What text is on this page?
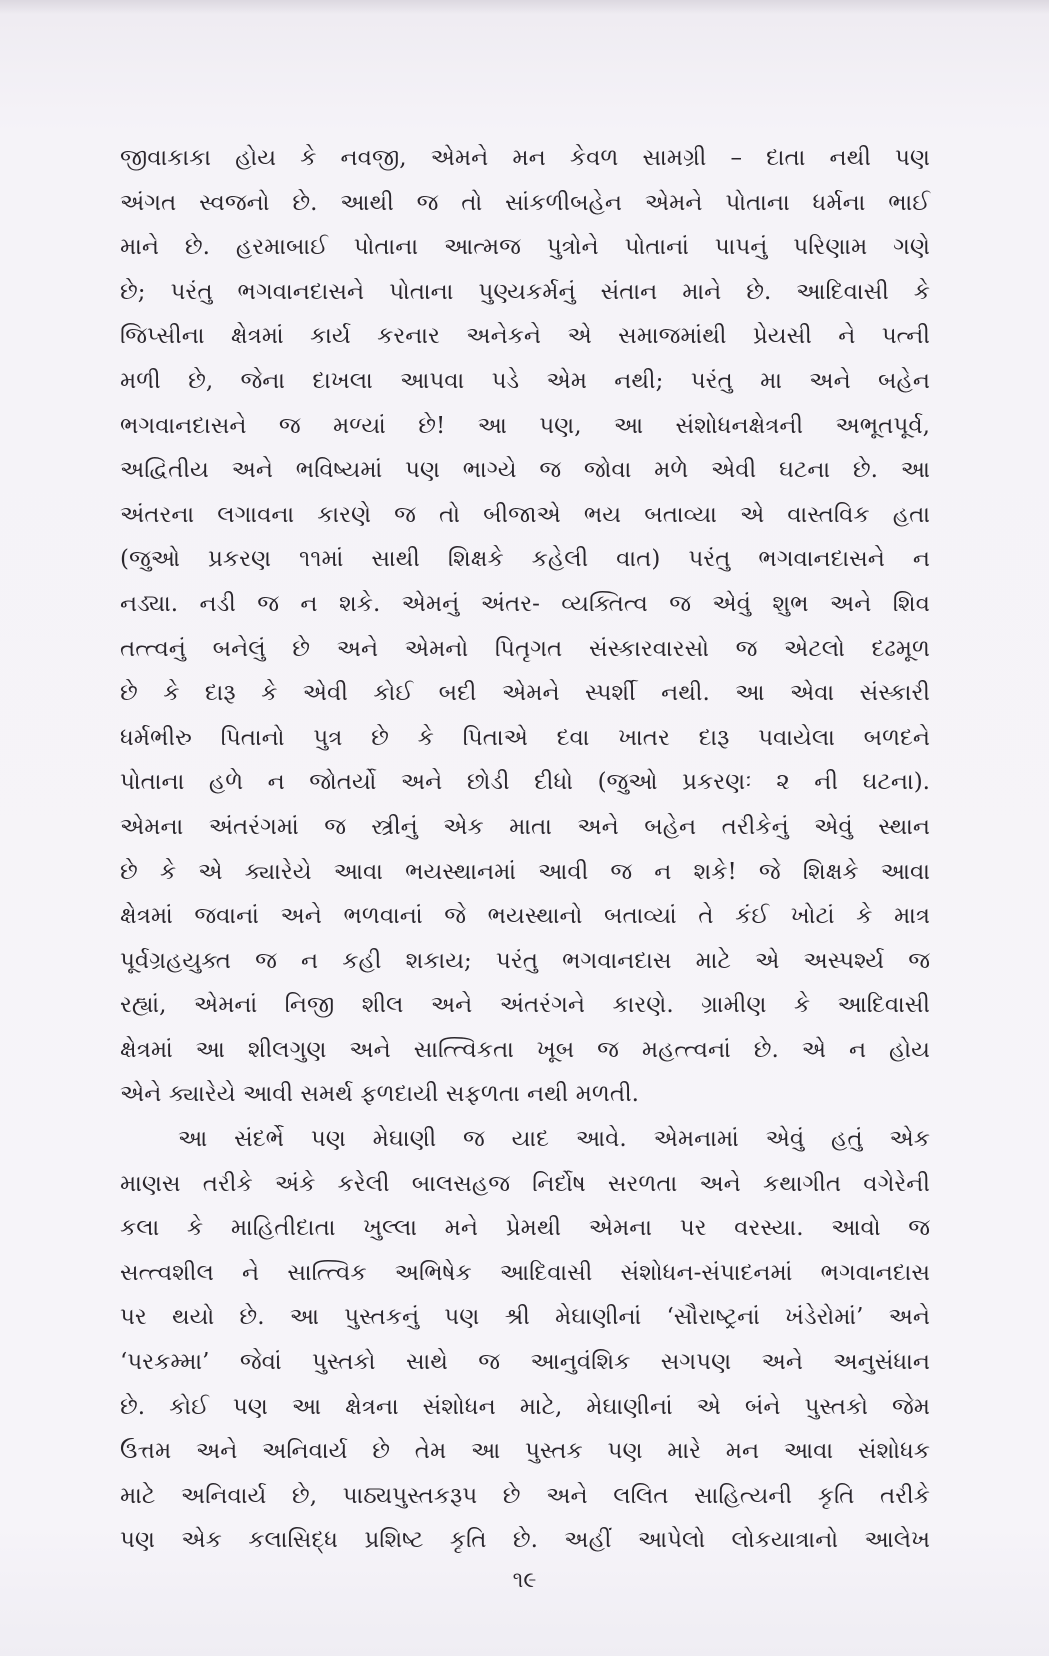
જીવાકાકા હોય કે નવજી, એમને મન કેવળ સામગ્રી – દાતા નથી પણ
અંગત સ્વજનો છે. આથી જ તો સાંકળીબહેન એમને પોતાના ધર્મના ભાઈ
માને છે. હરમાબાઈ પોતાના આત્મજ પુત્રોને પોતાનાં પાપનું પરિણામ ગણે
છે; પરંતુ ભગવાનદાસને પોતાના પુણ્યકર્મનું સંતાન માને છે. આદિવાસી કે
જિપ્સીના ક્ષેત્રમાં કાર્ય કરનાર અનેકને એ સમાજમાંથી પ્રેયસી ને પત્ની
મળી છે, જેના દાખલા આપવા પડે એમ નથી; પરંતુ મા અને બહેન
ભગવાનદાસને જ મળ્યાં છે! આ પણ, આ સંશોધનક્ષેત્રની અભૂતપૂર્વ,
અદ્વિતીય અને ભવિષ્યમાં પણ ભાગ્યે જ જોવા મળે એવી ઘટના છે. આ
અંતરના લગાવના કારણે જ તો બીજાએ ભય બતાવ્યા એ વાસ્તવિક હતા
(જુઓ પ્રકરણ ૧૧માં સાથી શિક્ષકે કહેલી વાત) પરંતુ ભગવાનદાસને ન
નડ્યા. નડી જ ન શકે. એમનું અંતર- વ્યક્તિત્વ જ એવું શુભ અને શિવ
તત્ત્વનું બનેલું છે અને એમનો પિતૃગત સંસ્કારવારસો જ એટલો દઢમૂળ
છે કે દારૂ કે એવી કોઈ બદી એમને સ્પર્શી નથી. આ એવા સંસ્કારી
ધર્મભીરુ પિતાનો પુત્ર છે કે પિતાએ દવા ખાતર દારૂ પવાયેલા બળદને
પોતાના હળે ન જોતર્યો અને છોડી દીધો (જુઓ પ્રકરણઃ ૨ ની ઘટના).
એમના અંતરંગમાં જ સ્ત્રીનું એક માતા અને બહેન તરીકેનું એવું સ્થાન
છે કે એ ક્યારેયે આવા ભયસ્થાનમાં આવી જ ન શકે! જે શિક્ષકે આવા
ક્ષેત્રમાં જવાનાં અને ભળવાનાં જે ભયસ્થાનો બતાવ્યાં તે કંઈ ખોટાં કે માત્ર
પૂર્વગ્રહયુક્ત જ ન કહી શકાય; પરંતુ ભગવાનદાસ માટે એ અસ્પર્શ્ય જ
રહ્યાં, એમનાં નિજી શીલ અને અંતરંગને કારણે. ગ્રામીણ કે આદિવાસી
ક્ષેત્રમાં આ શીલગુણ અને સાત્ત્વિકતા ખૂબ જ મહત્ત્વનાં છે. એ ન હોય
એને ક્યારેયે આવી સમર્થ ફળદાયી સફળતા નથી મળતી.

આ સંદર્ભે પણ મેઘાણી જ યાદ આવે. એમનામાં એવું હતું એક
માણસ તરીકે અંકે કરેલી બાલસહજ નિર્દોષ સરળતા અને કથાગીત વગેરેની
કલા કે માહિતીદાતા ખુલ્લા મને પ્રેમથી એમના પર વરસ્યા. આવો જ
સત્ત્વશીલ ને સાત્ત્વિક અભિષેક આદિવાસી સંશોધન-સંપાદનમાં ભગવાનદાસ
પર થયો છે. આ પુસ્તકનું પણ શ્રી મેઘાણીનાં ‘સૌરાષ્ટ્રનાં ખંડેરોમાં’ અને
‘પરકમ્મા’ જેવાં પુસ્તકો સાથે જ આનુવંશિક સગપણ અને અનુસંધાન
છે. કોઈ પણ આ ક્ષેત્રના સંશોધન માટે, મેઘાણીનાં એ બંને પુસ્તકો જેમ
ઉત્તમ અને અનિવાર્ય છે તેમ આ પુસ્તક પણ મારે મન આવા સંશોધક
માટે અનિવાર્ય છે, પાઠ્યપુસ્તકરૂપ છે અને લલિત સાહિત્યની કૃતિ તરીકે
પણ એક કલાસિદ્ધ પ્રશિષ્ટ કૃતિ છે. અહીં આપેલો લોકયાત્રાનો આલેખ

૧૯
